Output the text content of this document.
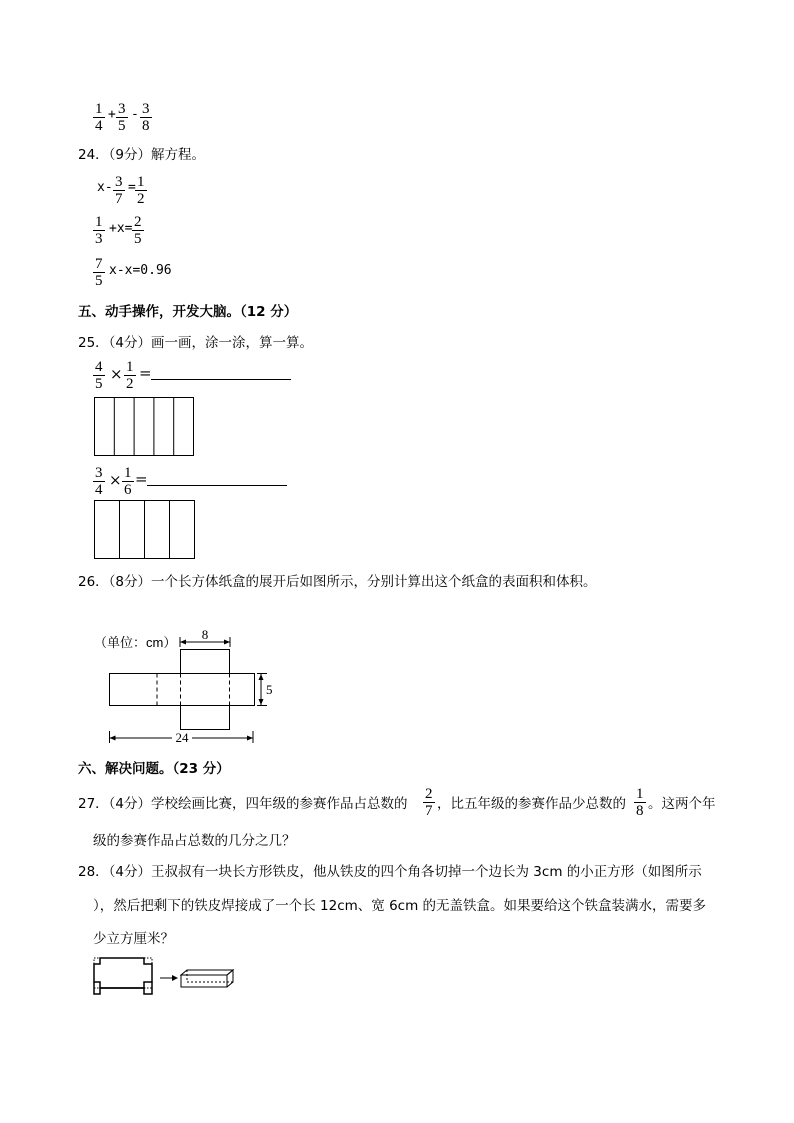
$\frac{1}{4} + \frac{3}{5} - \frac{3}{8}$
24．（9分）解方程。
$x- \frac{3}{7} = \frac{1}{2}$
$\frac{1}{3} +x= \frac{2}{5}$
$\frac{7}{5} x-x=0.96$
五、动手操作，开发大脑。（12 分）
25．（4分）画一画，涂一涂，算一算。
$\frac{4}{5} \times \frac{1}{2}$ =
$\frac{3}{4} \times \frac{1}{6}$ =
26．（8分）一个长方体纸盒的展开后如图所示，分别计算出这个纸盒的表面积和体积。
（单位：cm）
8
5
24
六、解决问题。（23 分）
27．（4分）学校绘画比赛，四年级的参赛作品占总数的 $\frac{2}{7}$ ，比五年级的参赛作品少总数的 $\frac{1}{8}$ 。这两个年
级的参赛作品占总数的几分之几？
28．（4分）王叔叔有一块长方形铁皮，他从铁皮的四个角各切掉一个边长为 3cm 的小正方形（如图所示
），然后把剩下的铁皮焊接成了一个长 12cm、宽 6cm 的无盖铁盒。如果要给这个铁盒装满水，需要多
少立方厘米？
